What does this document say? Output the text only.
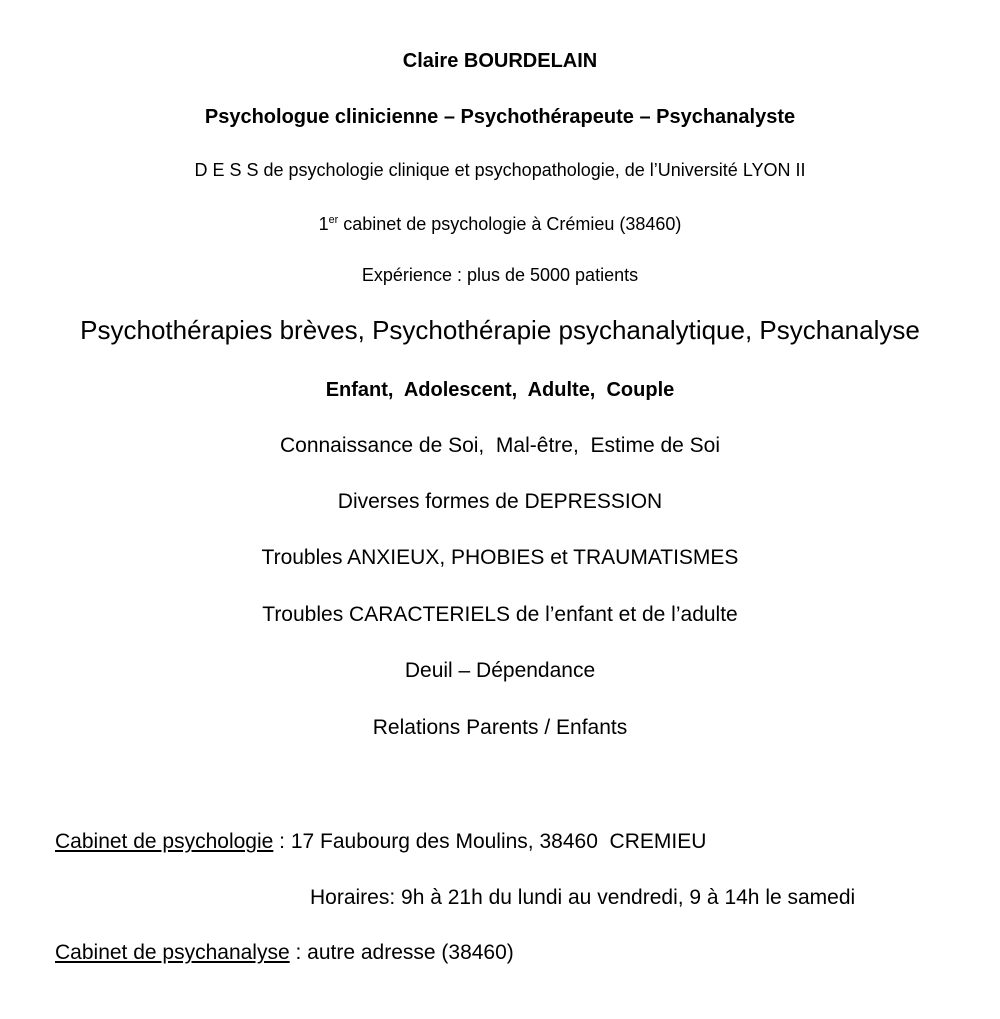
Claire BOURDELAIN
Psychologue clinicienne – Psychothérapeute – Psychanalyste
D E S S de psychologie clinique et psychopathologie, de l’Université LYON II
1er cabinet de psychologie à Crémieu (38460)
Expérience : plus de 5000 patients
Psychothérapies brèves, Psychothérapie psychanalytique, Psychanalyse
Enfant,  Adolescent,  Adulte,  Couple
Connaissance de Soi,  Mal-être,  Estime de Soi
Diverses formes de DEPRESSION
Troubles ANXIEUX, PHOBIES et TRAUMATISMES
Troubles CARACTERIELS de l’enfant et de l’adulte
Deuil – Dépendance
Relations Parents / Enfants
Cabinet de psychologie : 17 Faubourg des Moulins, 38460  CREMIEU
Horaires: 9h à 21h du lundi au vendredi, 9 à 14h le samedi
Cabinet de psychanalyse : autre adresse (38460)
